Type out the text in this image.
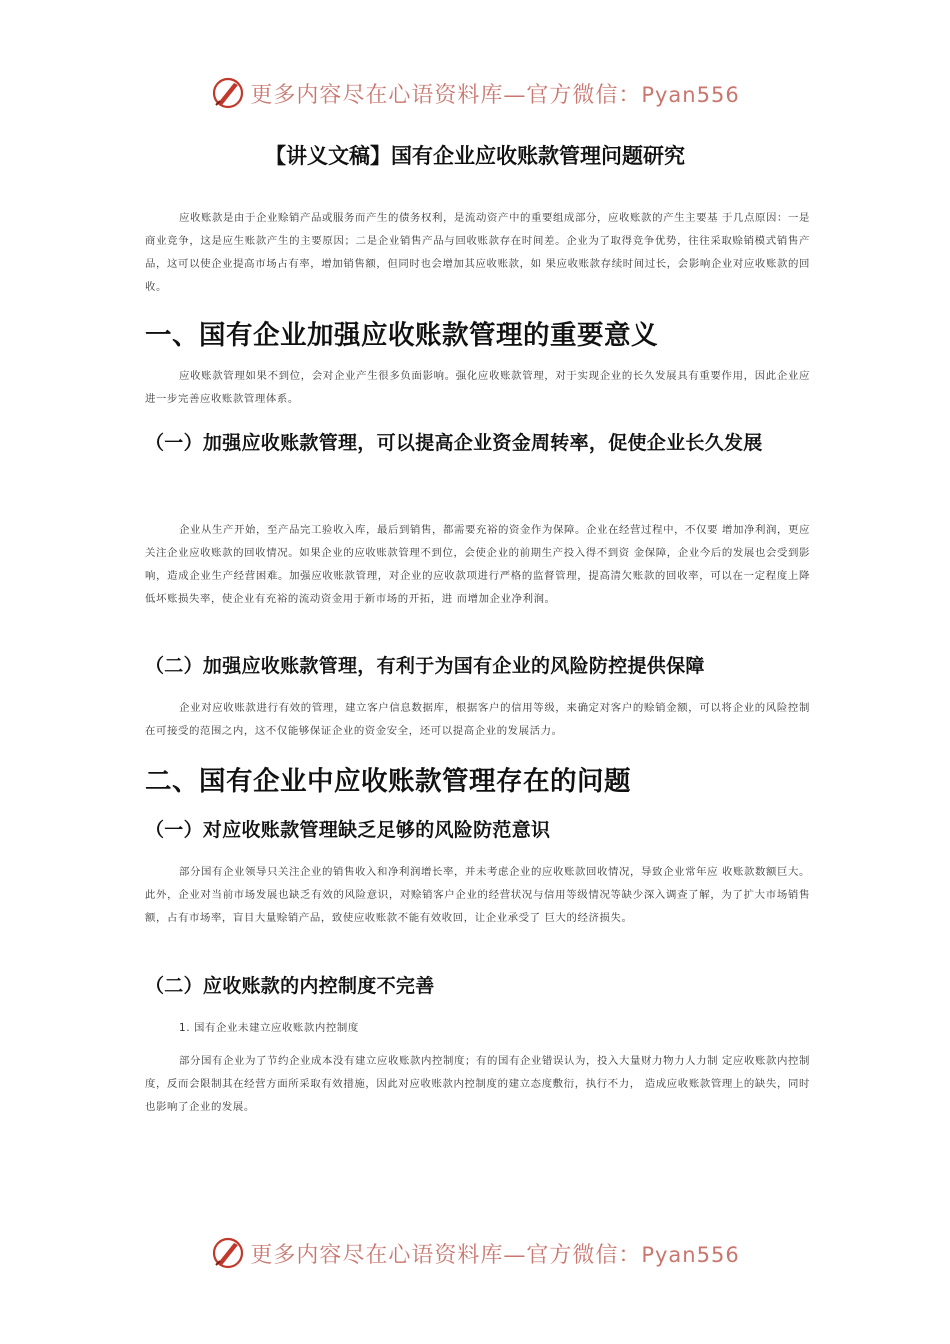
更多内容尽在心语资料库—官方微信：Pyan556
【讲义文稿】国有企业应收账款管理问题研究

应收账款是由于企业赊销产品或服务而产生的债务权利，是流动资产中的重要组成部分，应收账款的产生主要基 于几点原因：一是商业竞争，这是应生账款产生的主要原因；二是企业销售产品与回收账款存在时间差。企业为了取得竞争优势，往往采取赊销模式销售产品，这可以使企业提高市场占有率，增加销售额，但同时也会增加其应收账款，如 果应收账款存续时间过长，会影响企业对应收账款的回收。

一、国有企业加强应收账款管理的重要意义

应收账款管理如果不到位，会对企业产生很多负面影响。强化应收账款管理，对于实现企业的长久发展具有重要作用，因此企业应进一步完善应收账款管理体系。

（一）加强应收账款管理，可以提高企业资金周转率，促使企业长久发展

企业从生产开始，至产品完工验收入库，最后到销售，都需要充裕的资金作为保障。企业在经营过程中，不仅要 增加净利润，更应关注企业应收账款的回收情况。如果企业的应收账款管理不到位，会使企业的前期生产投入得不到资 金保障，企业今后的发展也会受到影响，造成企业生产经营困难。加强应收账款管理，对企业的应收款项进行严格的监督管理，提高清欠账款的回收率，可以在一定程度上降低坏账损失率，使企业有充裕的流动资金用于新市场的开拓，进 而增加企业净利润。

（二）加强应收账款管理，有利于为国有企业的风险防控提供保障

企业对应收账款进行有效的管理，建立客户信息数据库，根据客户的信用等级，来确定对客户的赊销金额，可以将企业的风险控制在可接受的范围之内，这不仅能够保证企业的资金安全，还可以提高企业的发展活力。

二、国有企业中应收账款管理存在的问题
（一）对应收账款管理缺乏足够的风险防范意识

部分国有企业领导只关注企业的销售收入和净利润增长率，并未考虑企业的应收账款回收情况，导致企业常年应 收账款数额巨大。此外，企业对当前市场发展也缺乏有效的风险意识，对赊销客户企业的经营状况与信用等级情况等缺少深入调查了解，为了扩大市场销售额，占有市场率，盲目大量赊销产品，致使应收账款不能有效收回，让企业承受了 巨大的经济损失。

（二）应收账款的内控制度不完善

1. 国有企业未建立应收账款内控制度

部分国有企业为了节约企业成本没有建立应收账款内控制度；有的国有企业错误认为，投入大量财力物力人力制 定应收账款内控制度，反而会限制其在经营方面所采取有效措施，因此对应收账款内控制度的建立态度敷衍，执行不力， 造成应收账款管理上的缺失，同时也影响了企业的发展。

更多内容尽在心语资料库—官方微信：Pyan556
